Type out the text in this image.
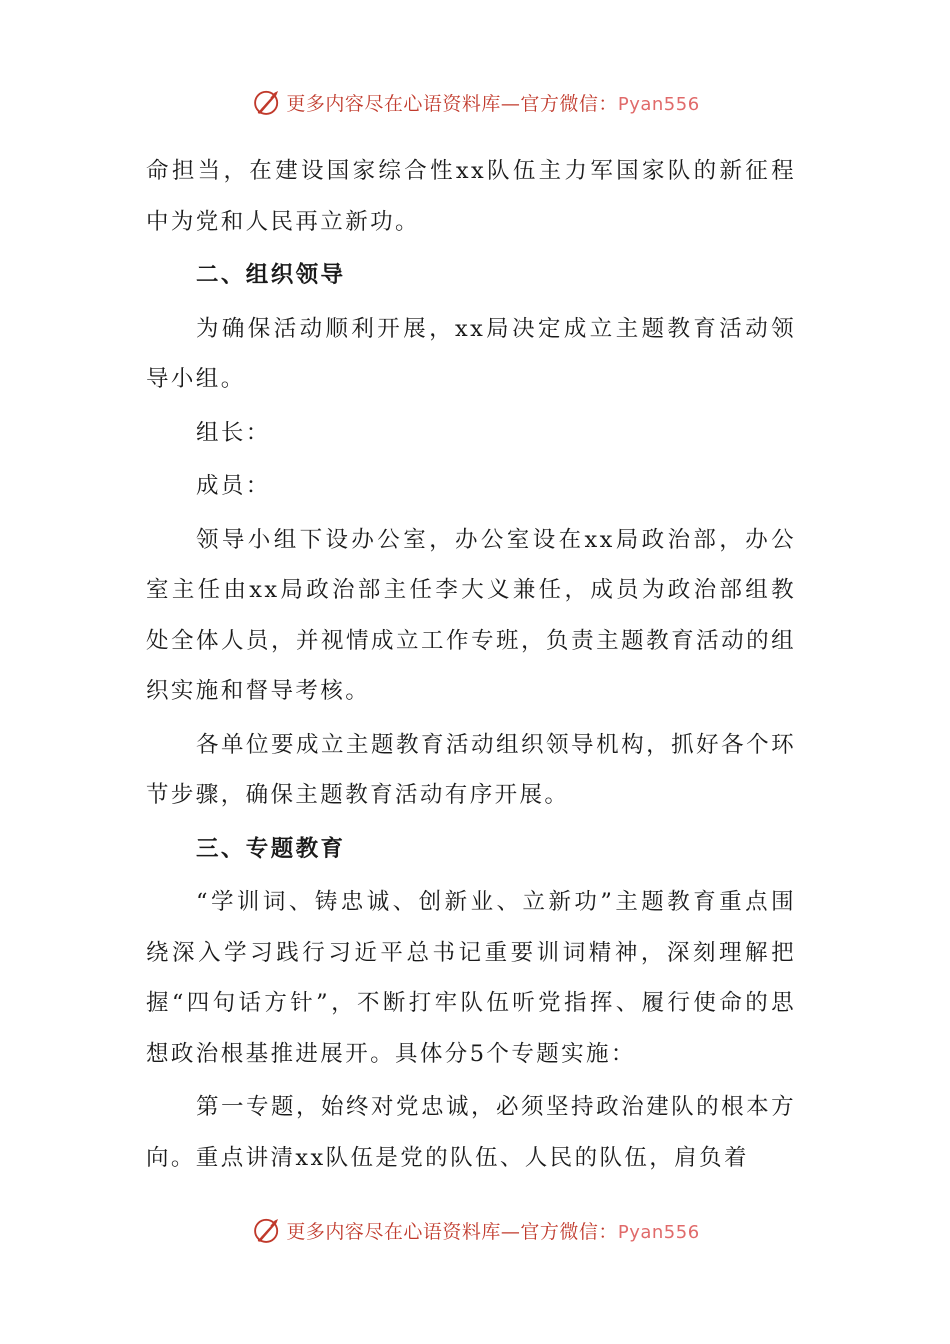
更多内容尽在心语资料库—官方微信：Pyan556

命担当，在建设国家综合性xx队伍主力军国家队的新征程中为党和人民再立新功。

二、组织领导

为确保活动顺利开展，xx局决定成立主题教育活动领导小组。

组长：

成员：

领导小组下设办公室，办公室设在xx局政治部，办公室主任由xx局政治部主任李大义兼任，成员为政治部组教处全体人员，并视情成立工作专班，负责主题教育活动的组织实施和督导考核。

各单位要成立主题教育活动组织领导机构，抓好各个环节步骤，确保主题教育活动有序开展。

三、专题教育

“学训词、铸忠诚、创新业、立新功”主题教育重点围绕深入学习践行习近平总书记重要训词精神，深刻理解把握“四句话方针”，不断打牢队伍听党指挥、履行使命的思想政治根基推进展开。具体分5个专题实施：

第一专题，始终对党忠诚，必须坚持政治建队的根本方向。重点讲清xx队伍是党的队伍、人民的队伍，肩负着

更多内容尽在心语资料库—官方微信：Pyan556
